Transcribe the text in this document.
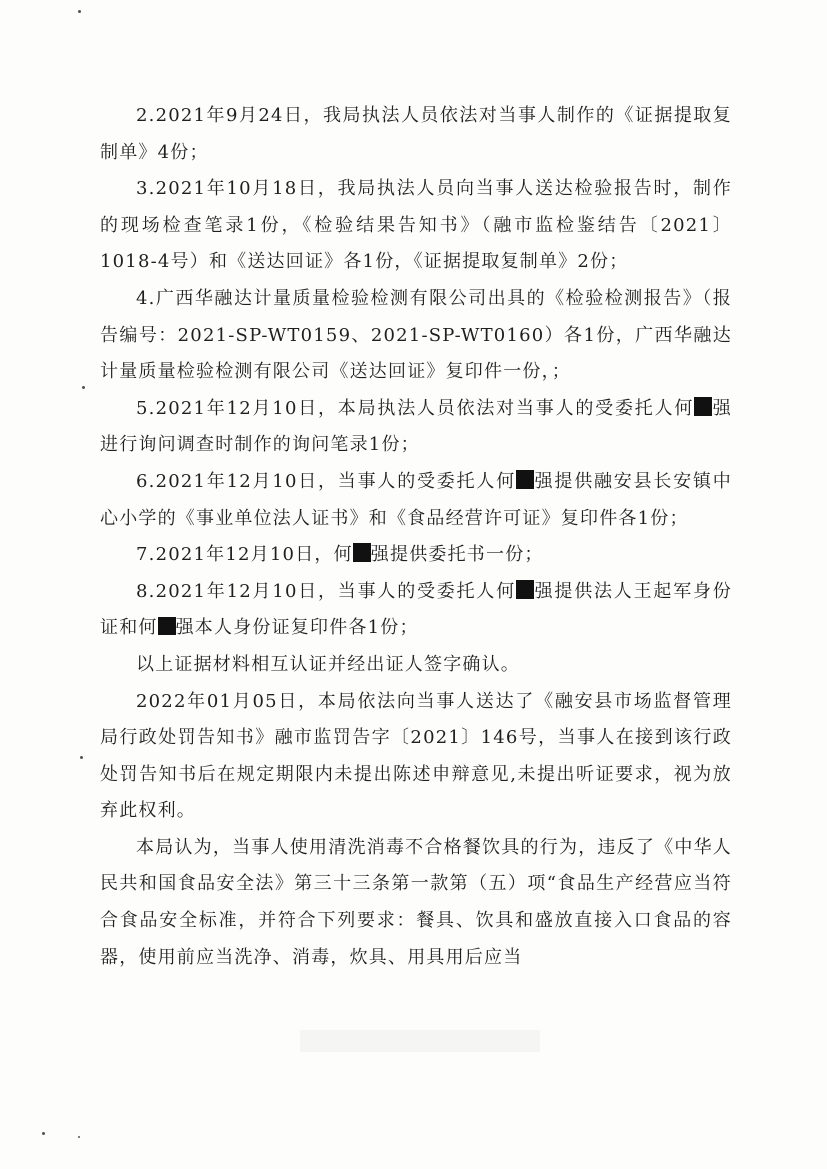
2.2021年9月24日，我局执法人员依法对当事人制作的《证据提取复制单》4份；

3.2021年10月18日，我局执法人员向当事人送达检验报告时，制作的现场检查笔录1份，《检验结果告知书》（融市监检鉴结告〔2021〕1018-4号）和《送达回证》各1份，《证据提取复制单》2份；

4.广西华融达计量质量检验检测有限公司出具的《检验检测报告》（报告编号：2021-SP-WT0159、2021-SP-WT0160）各1份，广西华融达计量质量检验检测有限公司《送达回证》复印件一份，；

5.2021年12月10日，本局执法人员依法对当事人的受委托人何 强进行询问调查时制作的询问笔录1份；

6.2021年12月10日，当事人的受委托人何 强提供融安县长安镇中心小学的《事业单位法人证书》和《食品经营许可证》复印件各1份；

7.2021年12月10日，何 强提供委托书一份；

8.2021年12月10日，当事人的受委托人何 强提供法人王起军身份证和何 强本人身份证复印件各1份；

以上证据材料相互认证并经出证人签字确认。

2022年01月05日，本局依法向当事人送达了《融安县市场监督管理局行政处罚告知书》融市监罚告字〔2021〕146号，当事人在接到该行政处罚告知书后在规定期限内未提出陈述申辩意见,未提出听证要求，视为放弃此权利。

本局认为，当事人使用清洗消毒不合格餐饮具的行为，违反了《中华人民共和国食品安全法》第三十三条第一款第（五）项“食品生产经营应当符合食品安全标准，并符合下列要求：餐具、饮具和盛放直接入口食品的容器，使用前应当洗净、消毒，炊具、用具用后应当
